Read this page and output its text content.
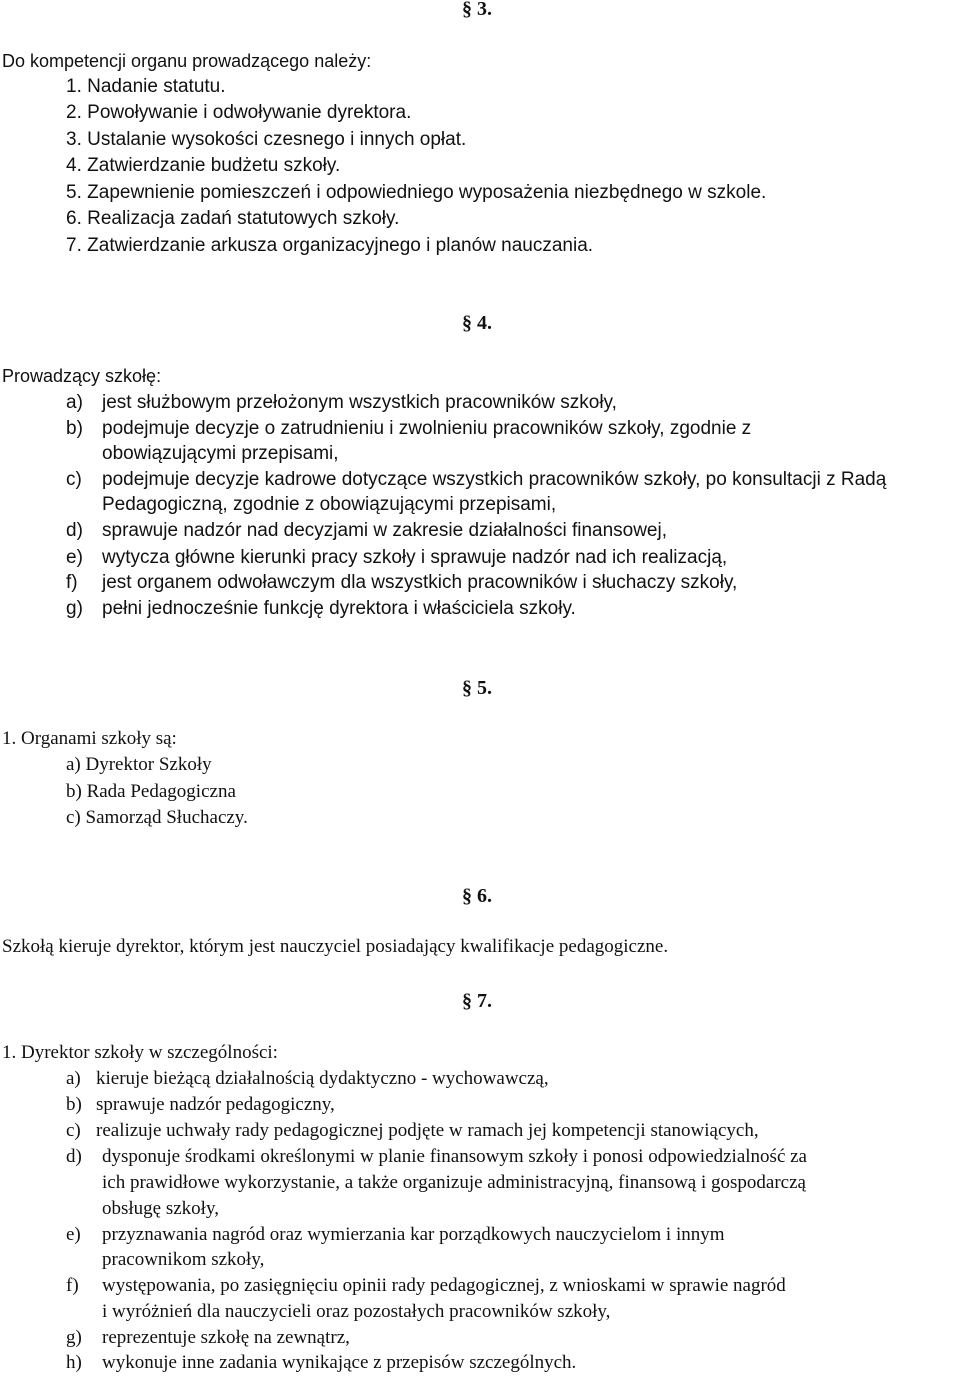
§ 3.
Do kompetencji organu prowadzącego należy:
1. Nadanie statutu.
2. Powoływanie i odwoływanie dyrektora.
3. Ustalanie wysokości czesnego i innych opłat.
4. Zatwierdzanie budżetu szkoły.
5. Zapewnienie pomieszczeń i odpowiedniego wyposażenia niezbędnego w szkole.
6. Realizacja zadań statutowych szkoły.
7. Zatwierdzanie arkusza organizacyjnego i planów nauczania.
§ 4.
Prowadzący szkołę:
a) jest służbowym przełożonym wszystkich pracowników szkoły,
b) podejmuje decyzje o zatrudnieniu i zwolnieniu pracowników szkoły, zgodnie z
obowiązującymi przepisami,
c) podejmuje decyzje kadrowe dotyczące wszystkich pracowników szkoły, po konsultacji z Radą
Pedagogiczną, zgodnie z obowiązującymi przepisami,
d) sprawuje nadzór nad decyzjami w zakresie działalności finansowej,
e) wytycza główne kierunki pracy szkoły i sprawuje nadzór nad ich realizacją,
f) jest organem odwoławczym dla wszystkich pracowników i słuchaczy szkoły,
g) pełni jednocześnie funkcję dyrektora i właściciela szkoły.
§ 5.
1. Organami szkoły są:
a) Dyrektor Szkoły
b) Rada Pedagogiczna
c) Samorząd Słuchaczy.
§ 6.
Szkołą kieruje dyrektor, którym jest nauczyciel posiadający kwalifikacje pedagogiczne.
§ 7.
1. Dyrektor szkoły w szczególności:
a) kieruje bieżącą działalnością dydaktyczno - wychowawczą,
b) sprawuje nadzór pedagogiczny,
c) realizuje uchwały rady pedagogicznej podjęte w ramach jej kompetencji stanowiących,
d) dysponuje środkami określonymi w planie finansowym szkoły i ponosi odpowiedzialność za
ich prawidłowe wykorzystanie, a także organizuje administracyjną, finansową i gospodarczą
obsługę szkoły,
e) przyznawania nagród oraz wymierzania kar porządkowych nauczycielom i innym
pracownikom szkoły,
f) występowania, po zasięgnięciu opinii rady pedagogicznej, z wnioskami w sprawie nagród
i wyróżnień dla nauczycieli oraz pozostałych pracowników szkoły,
g) reprezentuje szkołę na zewnątrz,
h) wykonuje inne zadania wynikające z przepisów szczególnych.
